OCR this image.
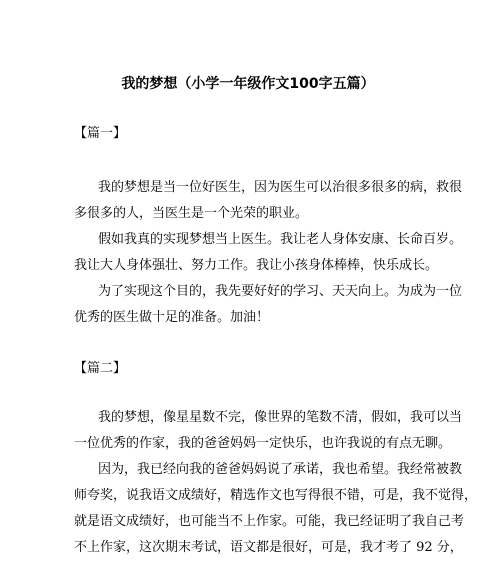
我的梦想（小学一年级作文100字五篇）
【篇一】
我的梦想是当一位好医生，因为医生可以治很多很多的病，救很
多很多的人，当医生是一个光荣的职业。
假如我真的实现梦想当上医生。我让老人身体安康、长命百岁。
我让大人身体强壮、努力工作。我让小孩身体棒棒，快乐成长。
为了实现这个目的，我先要好好的学习、天天向上。为成为一位
优秀的医生做十足的准备。加油！
【篇二】
我的梦想，像星星数不完，像世界的笔数不清，假如，我可以当
一位优秀的作家，我的爸爸妈妈一定快乐，也许我说的有点无聊。
因为，我已经向我的爸爸妈妈说了承诺，我也希望。我经常被教
师夸奖，说我语文成绩好，精选作文也写得很不错，可是，我不觉得，
就是语文成绩好，也可能当不上作家。可能，我已经证明了我自己考
不上作家，这次期末考试，语文都是很好，可是，我才考了 92 分，
